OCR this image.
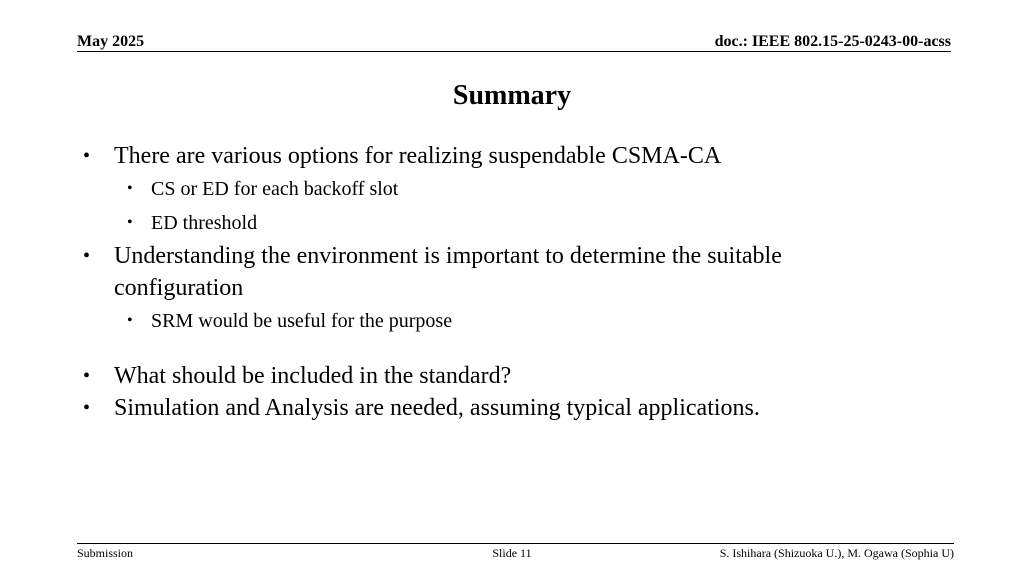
May 2025	doc.: IEEE 802.15-25-0243-00-acss
Summary
• There are various options for realizing suspendable CSMA-CA
• CS or ED for each backoff slot
• ED threshold
• Understanding the environment is important to determine the suitable configuration
• SRM would be useful for the purpose
• What should be included in the standard?
• Simulation and Analysis are needed, assuming typical applications.
Submission	Slide 11	S. Ishihara (Shizuoka U.), M. Ogawa (Sophia U)
